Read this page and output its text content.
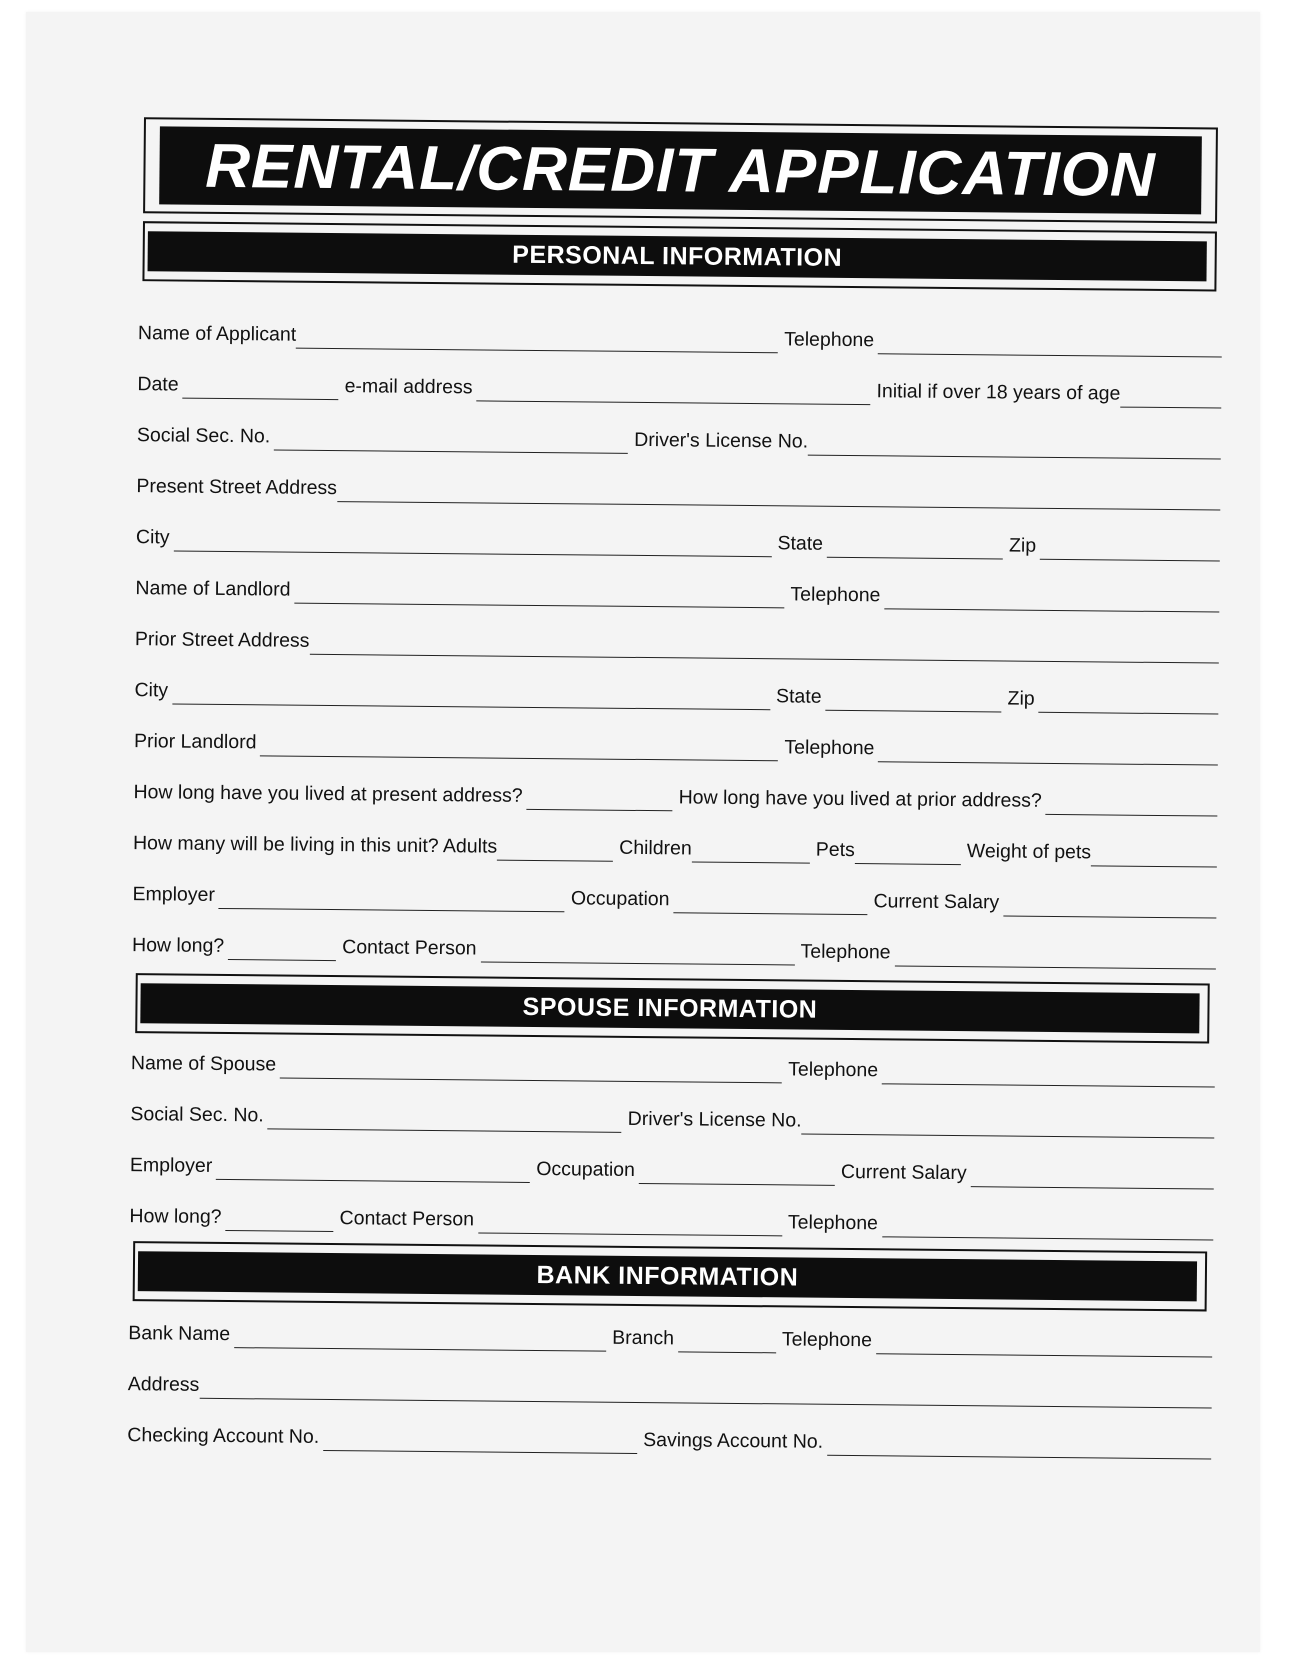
RENTAL/CREDIT APPLICATION
PERSONAL INFORMATION
Name of Applicant	Telephone
Date	e-mail address	Initial if over 18 years of age
Social Sec. No.	Driver's License No.
Present Street Address
City	State	Zip
Name of Landlord	Telephone
Prior Street Address
City	State	Zip
Prior Landlord	Telephone
How long have you lived at present address?	How long have you lived at prior address?
How many will be living in this unit? Adults	Children	Pets	Weight of pets
Employer	Occupation	Current Salary
How long?	Contact Person	Telephone
SPOUSE INFORMATION
Name of Spouse	Telephone
Social Sec. No.	Driver's License No.
Employer	Occupation	Current Salary
How long?	Contact Person	Telephone
BANK INFORMATION
Bank Name	Branch	Telephone
Address
Checking Account No.	Savings Account No.
